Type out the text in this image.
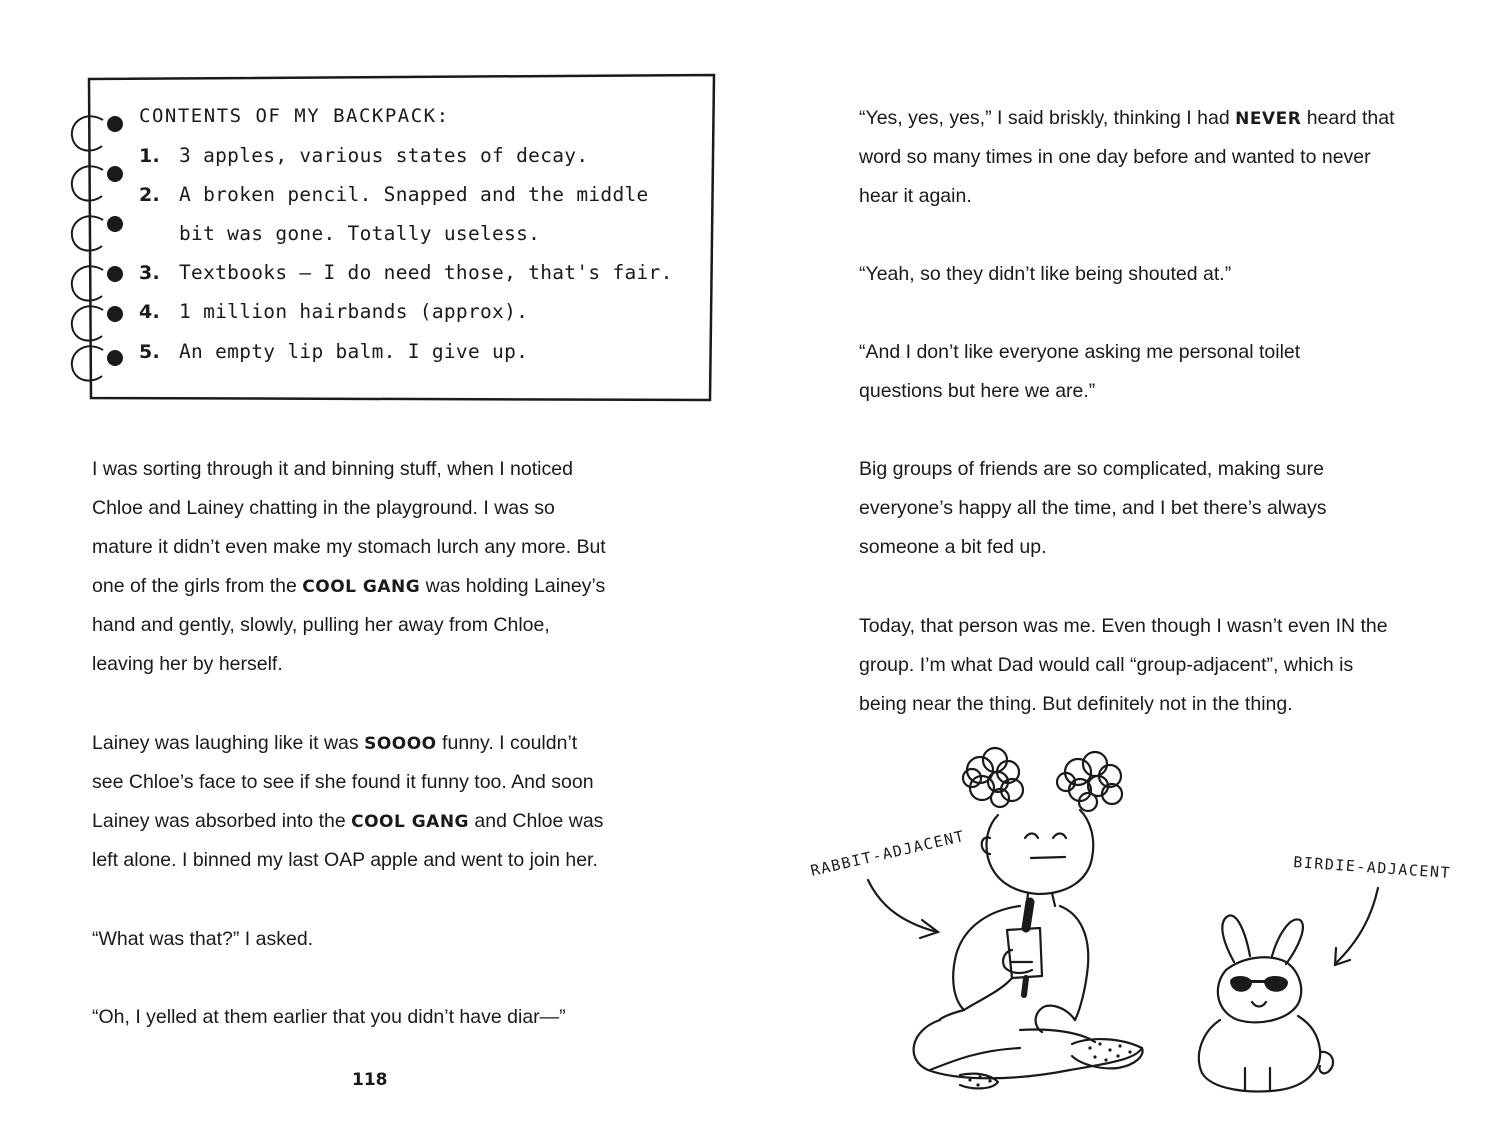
CONTENTS OF MY BACKPACK:
1. 3 apples, various states of decay.
2. A broken pencil. Snapped and the middle
bit was gone. Totally useless.
3. Textbooks – I do need those, that's fair.
4. 1 million hairbands (approx).
5. An empty lip balm. I give up.
I was sorting through it and binning stuff, when I noticed
Chloe and Lainey chatting in the playground. I was so
mature it didn’t even make my stomach lurch any more. But
one of the girls from the COOL GANG was holding Lainey’s
hand and gently, slowly, pulling her away from Chloe,
leaving her by herself.
Lainey was laughing like it was SOOOO funny. I couldn’t
see Chloe’s face to see if she found it funny too. And soon
Lainey was absorbed into the COOL GANG and Chloe was
left alone. I binned my last OAP apple and went to join her.
“What was that?” I asked.
“Oh, I yelled at them earlier that you didn’t have diar—”
118
“Yes, yes, yes,” I said briskly, thinking I had NEVER heard that
word so many times in one day before and wanted to never
hear it again.
“Yeah, so they didn’t like being shouted at.”
“And I don’t like everyone asking me personal toilet
questions but here we are.”
Big groups of friends are so complicated, making sure
everyone’s happy all the time, and I bet there’s always
someone a bit fed up.
Today, that person was me. Even though I wasn’t even IN the
group. I’m what Dad would call “group-adjacent”, which is
being near the thing. But definitely not in the thing.
RABBIT-ADJACENT	BIRDIE-ADJACENT
